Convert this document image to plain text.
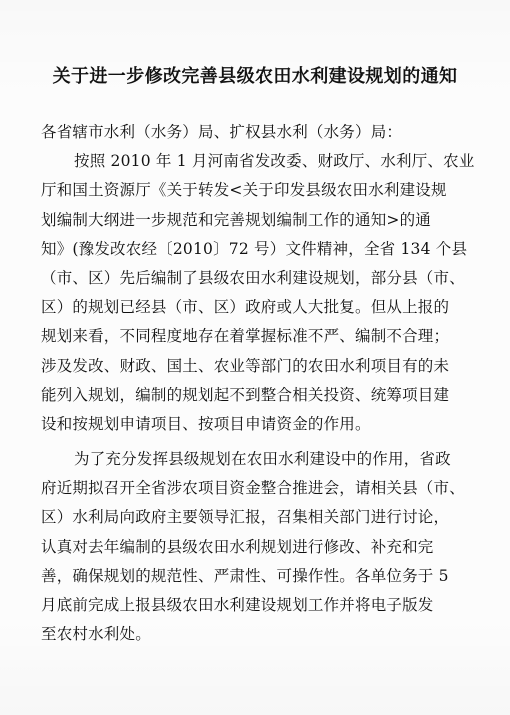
关于进一步修改完善县级农田水利建设规划的通知
各省辖市水利（水务）局、扩权县水利（水务）局：
按照 2010 年 1 月河南省发改委、财政厅、水利厅、农业
厅和国土资源厅《关于转发<关于印发县级农田水利建设规
划编制大纲进一步规范和完善规划编制工作的通知>的通
知》(豫发改农经〔2010〕72 号）文件精神，全省 134 个县
（市、区）先后编制了县级农田水利建设规划，部分县（市、
区）的规划已经县（市、区）政府或人大批复。但从上报的
规划来看，不同程度地存在着掌握标准不严、编制不合理；
涉及发改、财政、国土、农业等部门的农田水利项目有的未
能列入规划，编制的规划起不到整合相关投资、统筹项目建
设和按规划申请项目、按项目申请资金的作用。
为了充分发挥县级规划在农田水利建设中的作用，省政
府近期拟召开全省涉农项目资金整合推进会，请相关县（市、
区）水利局向政府主要领导汇报，召集相关部门进行讨论，
认真对去年编制的县级农田水利规划进行修改、补充和完
善，确保规划的规范性、严肃性、可操作性。各单位务于 5
月底前完成上报县级农田水利建设规划工作并将电子版发
至农村水利处。
